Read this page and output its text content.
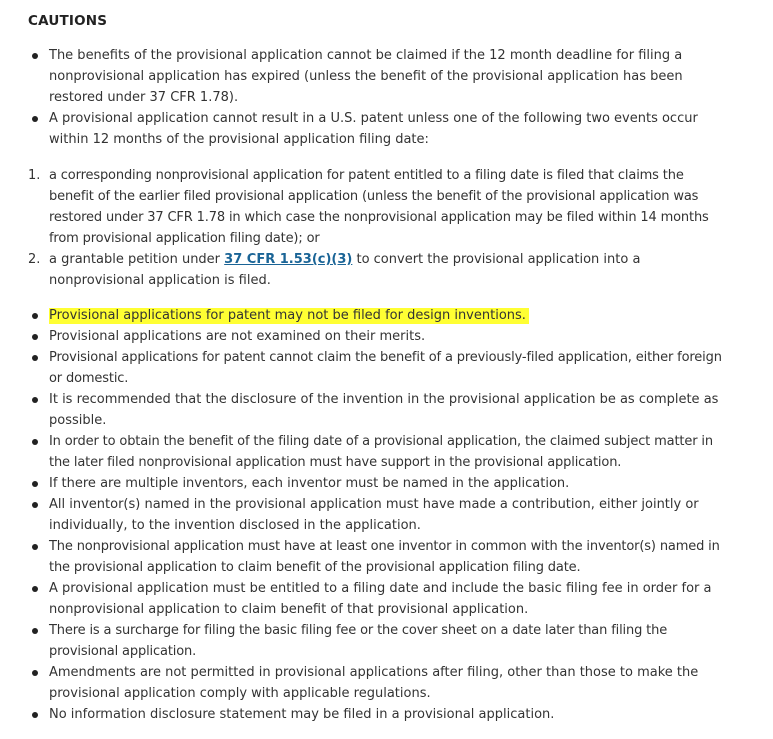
CAUTIONS
The benefits of the provisional application cannot be claimed if the 12 month deadline for filing a nonprovisional application has expired (unless the benefit of the provisional application has been restored under 37 CFR 1.78).
A provisional application cannot result in a U.S. patent unless one of the following two events occur within 12 months of the provisional application filing date:
1. a corresponding nonprovisional application for patent entitled to a filing date is filed that claims the benefit of the earlier filed provisional application (unless the benefit of the provisional application was restored under 37 CFR 1.78 in which case the nonprovisional application may be filed within 14 months from provisional application filing date); or
2. a grantable petition under 37 CFR 1.53(c)(3) to convert the provisional application into a nonprovisional application is filed.
Provisional applications for patent may not be filed for design inventions.
Provisional applications are not examined on their merits.
Provisional applications for patent cannot claim the benefit of a previously-filed application, either foreign or domestic.
It is recommended that the disclosure of the invention in the provisional application be as complete as possible.
In order to obtain the benefit of the filing date of a provisional application, the claimed subject matter in the later filed nonprovisional application must have support in the provisional application.
If there are multiple inventors, each inventor must be named in the application.
All inventor(s) named in the provisional application must have made a contribution, either jointly or individually, to the invention disclosed in the application.
The nonprovisional application must have at least one inventor in common with the inventor(s) named in the provisional application to claim benefit of the provisional application filing date.
A provisional application must be entitled to a filing date and include the basic filing fee in order for a nonprovisional application to claim benefit of that provisional application.
There is a surcharge for filing the basic filing fee or the cover sheet on a date later than filing the provisional application.
Amendments are not permitted in provisional applications after filing, other than those to make the provisional application comply with applicable regulations.
No information disclosure statement may be filed in a provisional application.
